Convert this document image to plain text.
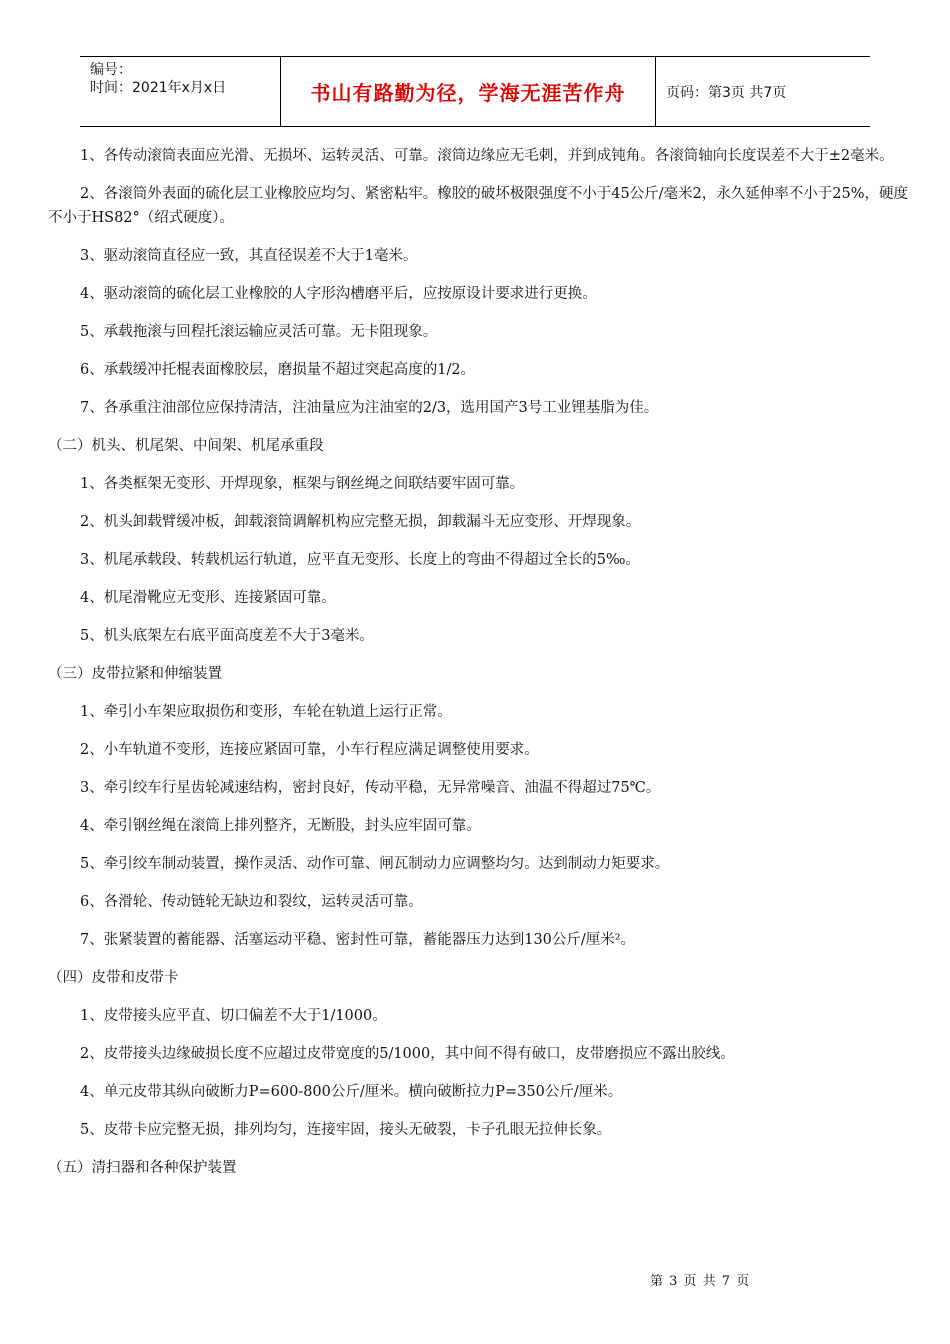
编号：
时间：2021年x月x日	书山有路勤为径，学海无涯苦作舟	页码：第3页 共7页
1、各传动滚筒表面应光滑、无损坏、运转灵活、可靠。滚筒边缘应无毛刺，并到成钝角。各滚筒轴向长度误差不大于±2毫米。
2、各滚筒外表面的硫化层工业橡胶应均匀、紧密粘牢。橡胶的破坏极限强度不小于45公斤/毫米2，永久延伸率不小于25%，硬度不小于HS82°（绍式硬度）。
3、驱动滚筒直径应一致，其直径误差不大于1毫米。
4、驱动滚筒的硫化层工业橡胶的人字形沟槽磨平后，应按原设计要求进行更换。
5、承载拖滚与回程托滚运输应灵活可靠。无卡阻现象。
6、承载缓冲托棍表面橡胶层，磨损量不超过突起高度的1/2。
7、各承重注油部位应保持清洁，注油量应为注油室的2/3，选用国产3号工业锂基脂为佳。
（二）机头、机尾架、中间架、机尾承重段
1、各类框架无变形、开焊现象，框架与钢丝绳之间联结要牢固可靠。
2、机头卸载臂缓冲板，卸载滚筒调解机构应完整无损，卸载漏斗无应变形、开焊现象。
3、机尾承载段、转载机运行轨道，应平直无变形、长度上的弯曲不得超过全长的5‰。
4、机尾滑靴应无变形、连接紧固可靠。
5、机头底架左右底平面高度差不大于3毫米。
（三）皮带拉紧和伸缩装置
1、牵引小车架应取损伤和变形，车轮在轨道上运行正常。
2、小车轨道不变形，连接应紧固可靠，小车行程应满足调整使用要求。
3、牵引绞车行星齿轮减速结构，密封良好，传动平稳，无异常噪音、油温不得超过75℃。
4、牵引钢丝绳在滚筒上排列整齐，无断股，封头应牢固可靠。
5、牵引绞车制动装置，操作灵活、动作可靠、闸瓦制动力应调整均匀。达到制动力矩要求。
6、各滑轮、传动链轮无缺边和裂纹，运转灵活可靠。
7、张紧装置的蓄能器、活塞运动平稳、密封性可靠，蓄能器压力达到130公斤/厘米²。
（四）皮带和皮带卡
1、皮带接头应平直、切口偏差不大于1/1000。
2、皮带接头边缘破损长度不应超过皮带宽度的5/1000，其中间不得有破口，皮带磨损应不露出胶线。
4、单元皮带其纵向破断力P=600-800公斤/厘米。横向破断拉力P=350公斤/厘米。
5、皮带卡应完整无损，排列均匀，连接牢固，接头无破裂，卡子孔眼无拉伸长象。
（五）清扫器和各种保护装置
第 3 页 共 7 页
